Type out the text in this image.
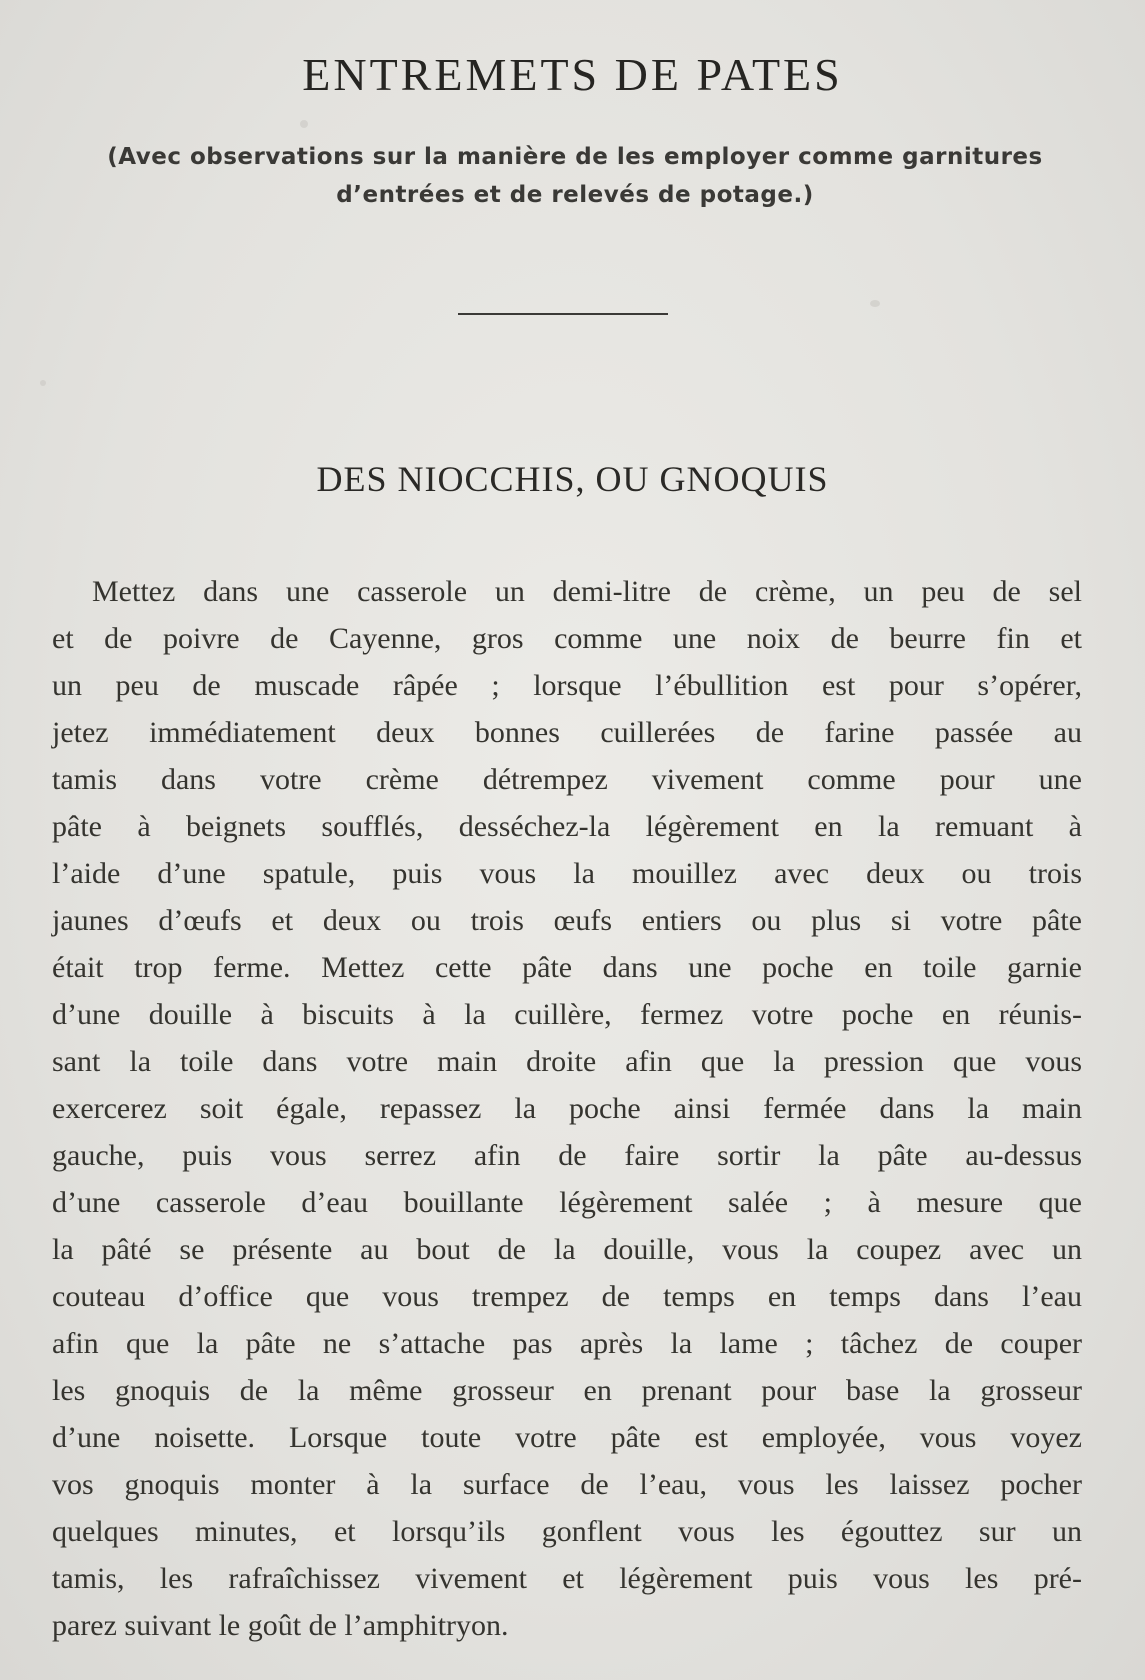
ENTREMETS DE PATES
(Avec observations sur la manière de les employer comme garnitures
d’entrées et de relevés de potage.)
DES NIOCCHIS, OU GNOQUIS
Mettez dans une casserole un demi-litre de crème, un peu de sel
et de poivre de Cayenne, gros comme une noix de beurre fin et
un peu de muscade râpée ; lorsque l’ébullition est pour s’opérer,
jetez immédiatement deux bonnes cuillerées de farine passée au
tamis dans votre crème détrempez vivement comme pour une
pâte à beignets soufflés, desséchez-la légèrement en la remuant à
l’aide d’une spatule, puis vous la mouillez avec deux ou trois
jaunes d’œufs et deux ou trois œufs entiers ou plus si votre pâte
était trop ferme. Mettez cette pâte dans une poche en toile garnie
d’une douille à biscuits à la cuillère, fermez votre poche en réunis-
sant la toile dans votre main droite afin que la pression que vous
exercerez soit égale, repassez la poche ainsi fermée dans la main
gauche, puis vous serrez afin de faire sortir la pâte au-dessus
d’une casserole d’eau bouillante légèrement salée ; à mesure que
la pâté se présente au bout de la douille, vous la coupez avec un
couteau d’office que vous trempez de temps en temps dans l’eau
afin que la pâte ne s’attache pas après la lame ; tâchez de couper
les gnoquis de la même grosseur en prenant pour base la grosseur
d’une noisette. Lorsque toute votre pâte est employée, vous voyez
vos gnoquis monter à la surface de l’eau, vous les laissez pocher
quelques minutes, et lorsqu’ils gonflent vous les égouttez sur un
tamis, les rafraîchissez vivement et légèrement puis vous les pré-
parez suivant le goût de l’amphitryon.
